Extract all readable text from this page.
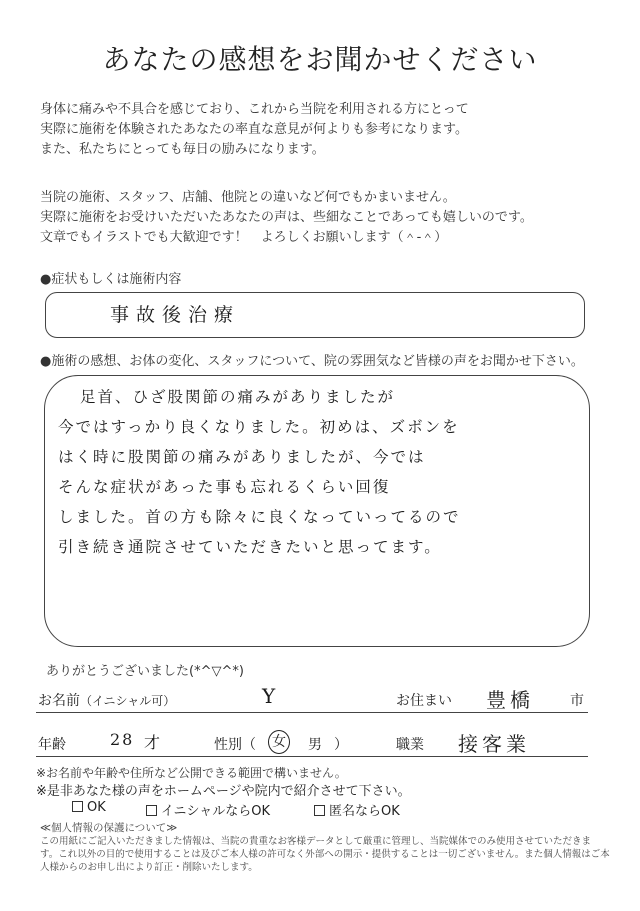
あなたの感想をお聞かせください
身体に痛みや不具合を感じており、これから当院を利用される方にとって
実際に施術を体験されたあなたの率直な意見が何よりも参考になります。
また、私たちにとっても毎日の励みになります。
当院の施術、スタッフ、店舗、他院との違いなど何でもかまいません。
実際に施術をお受けいただいたあなたの声は、些細なことであっても嬉しいのです。
文章でもイラストでも大歓迎です！　よろしくお願いします（＾-＾）
●症状もしくは施術内容
事故後治療
●施術の感想、お体の変化、スタッフについて、院の雰囲気など皆様の声をお聞かせ下さい。
足首、ひざ股関節の痛みがありましたが
今ではすっかり良くなりました。初めは、ズボンを
はく時に股関節の痛みがありましたが、今では
そんな症状があった事も忘れるくらい回復
しました。首の方も除々に良くなっていってるので
引き続き通院させていただきたいと思ってます。
ありがとうございました(*^▽^*)
お名前（イニシャル可）	Y	お住まい 豊橋	市
年齢	28 才	性別（ 女 男 ）	職業 接客業
※お名前や年齢や住所など公開できる範囲で構いません。
※是非あなた様の声をホームページや院内で紹介させて下さい。
OK	イニシャルならOK	匿名ならOK
≪個人情報の保護について≫
この用紙にご記入いただきました情報は、当院の貴重なお客様データとして厳重に管理し、当院媒体でのみ使用させていただきま
す。これ以外の目的で使用することは及びご本人様の許可なく外部への開示・提供することは一切ございません。また個人情報はご本
人様からのお申し出により訂正・削除いたします。
